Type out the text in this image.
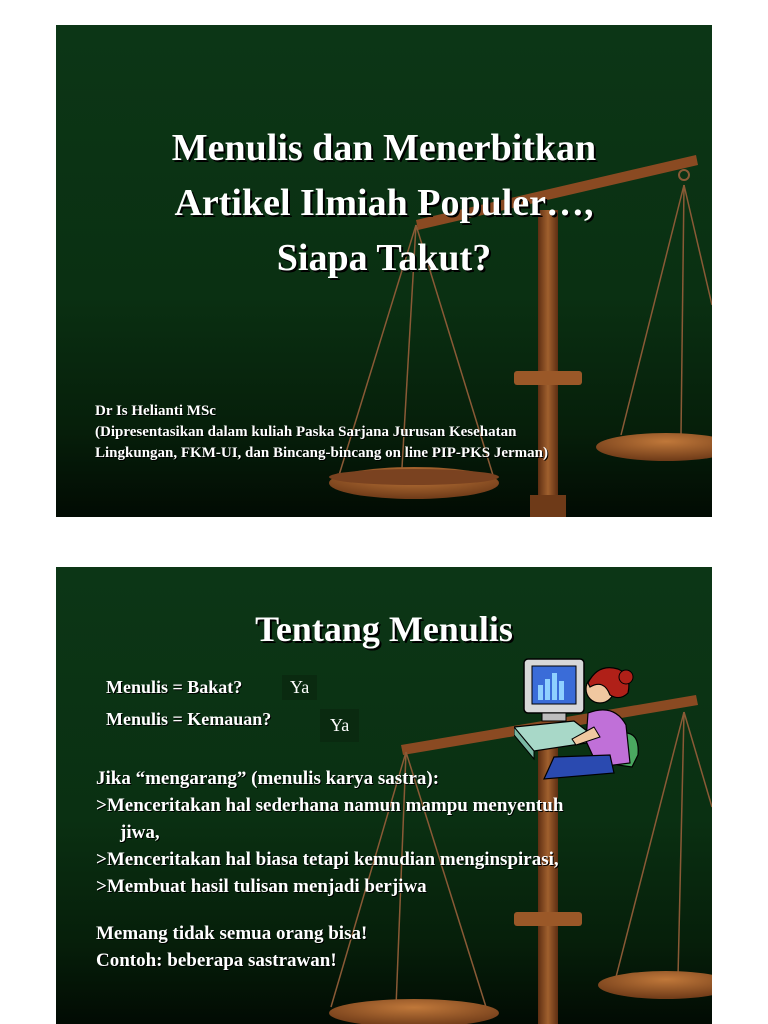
Menulis dan Menerbitkan
Artikel Ilmiah Populer…,
Siapa Takut?
Dr Is Helianti MSc
(Dipresentasikan dalam kuliah Paska Sarjana Jurusan Kesehatan
Lingkungan, FKM-UI, dan Bincang-bincang on line PIP-PKS Jerman)
Tentang Menulis
Menulis = Bakat?	Ya
Menulis = Kemauan?	Ya
Jika “mengarang” (menulis karya sastra):
>Menceritakan hal sederhana namun mampu menyentuh
jiwa,
>Menceritakan hal biasa tetapi kemudian menginspirasi,
>Membuat hasil tulisan menjadi berjiwa
Memang tidak semua orang bisa!
Contoh: beberapa sastrawan!
